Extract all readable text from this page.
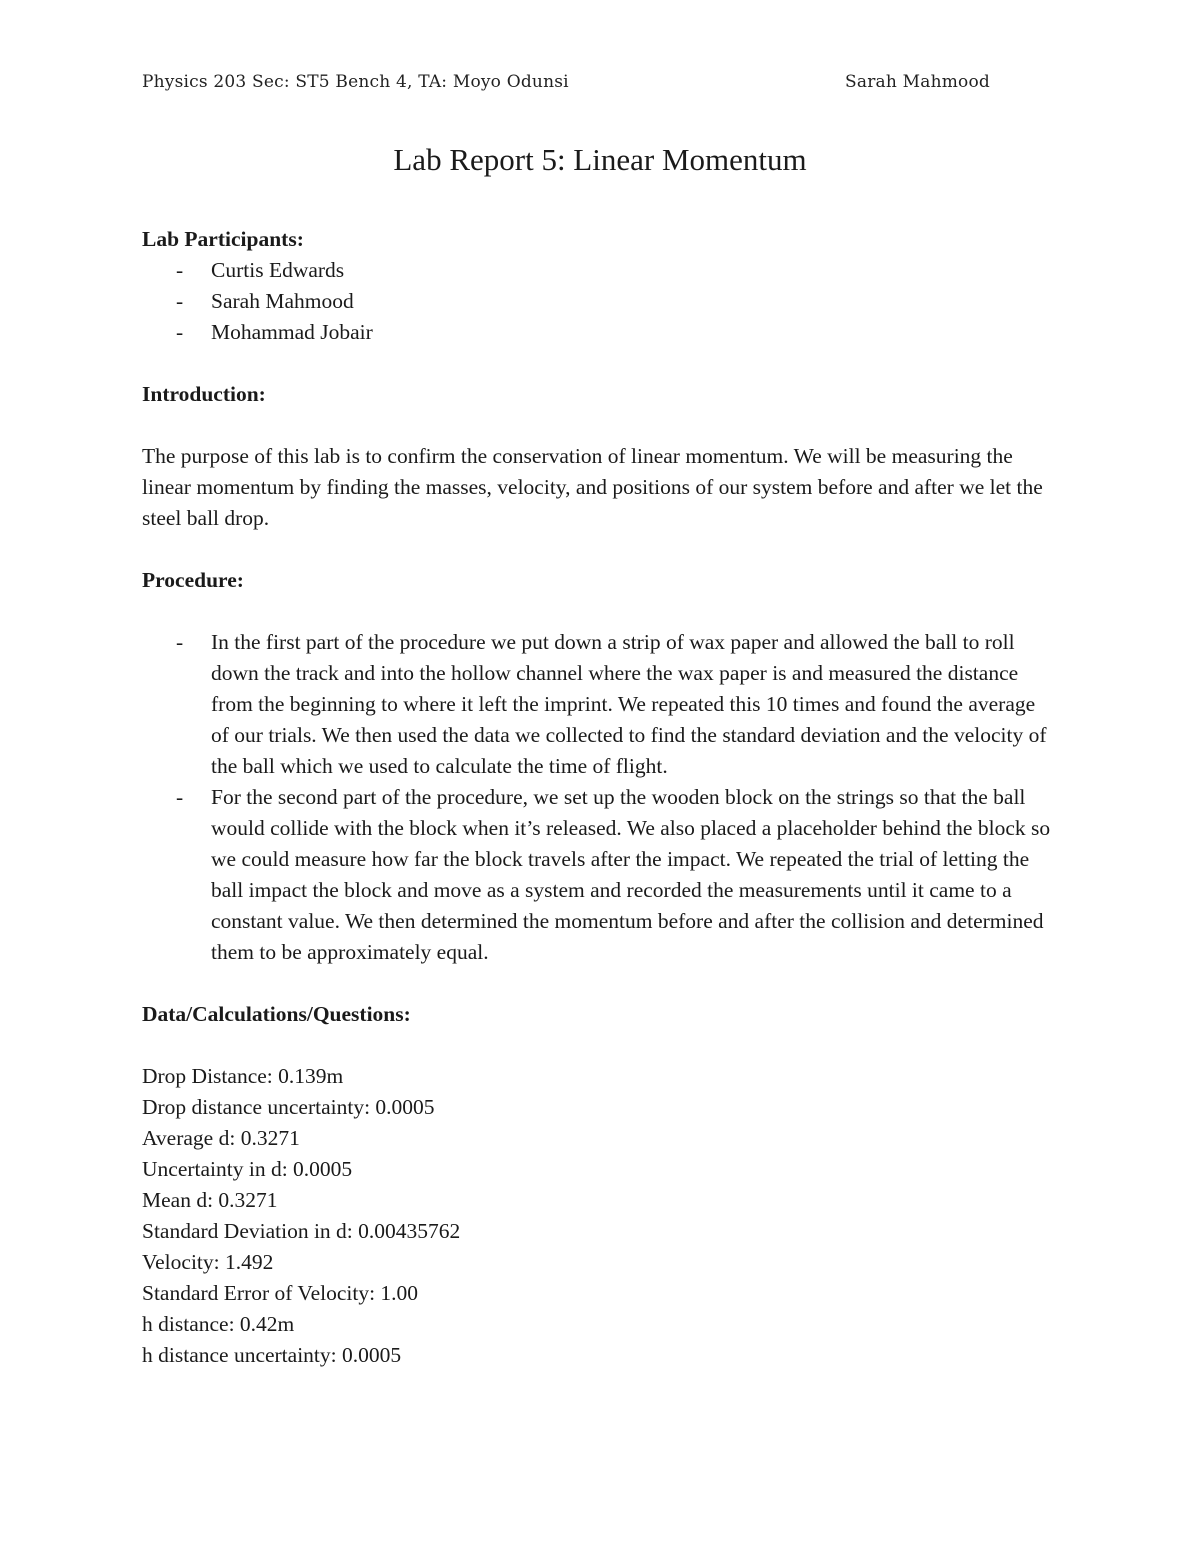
Physics 203 Sec: ST5 Bench 4, TA: Moyo Odunsi	Sarah Mahmood
Lab Report 5: Linear Momentum

Lab Participants:

- Curtis Edwards
- Sarah Mahmood
- Mohammad Jobair

Introduction:

The purpose of this lab is to confirm the conservation of linear momentum. We will be measuring the linear momentum by finding the masses, velocity, and positions of our system before and after we let the steel ball drop.

Procedure:

- In the first part of the procedure we put down a strip of wax paper and allowed the ball to roll down the track and into the hollow channel where the wax paper is and measured the distance from the beginning to where it left the imprint. We repeated this 10 times and found the average of our trials. We then used the data we collected to find the standard deviation and the velocity of the ball which we used to calculate the time of flight.
- For the second part of the procedure, we set up the wooden block on the strings so that the ball would collide with the block when it’s released. We also placed a placeholder behind the block so we could measure how far the block travels after the impact. We repeated the trial of letting the ball impact the block and move as a system and recorded the measurements until it came to a constant value. We then determined the momentum before and after the collision and determined them to be approximately equal.

Data/Calculations/Questions:

Drop Distance: 0.139m

Drop distance uncertainty: 0.0005

Average d: 0.3271

Uncertainty in d: 0.0005

Mean d: 0.3271

Standard Deviation in d: 0.00435762

Velocity: 1.492

Standard Error of Velocity: 1.00

h distance: 0.42m

h distance uncertainty: 0.0005
